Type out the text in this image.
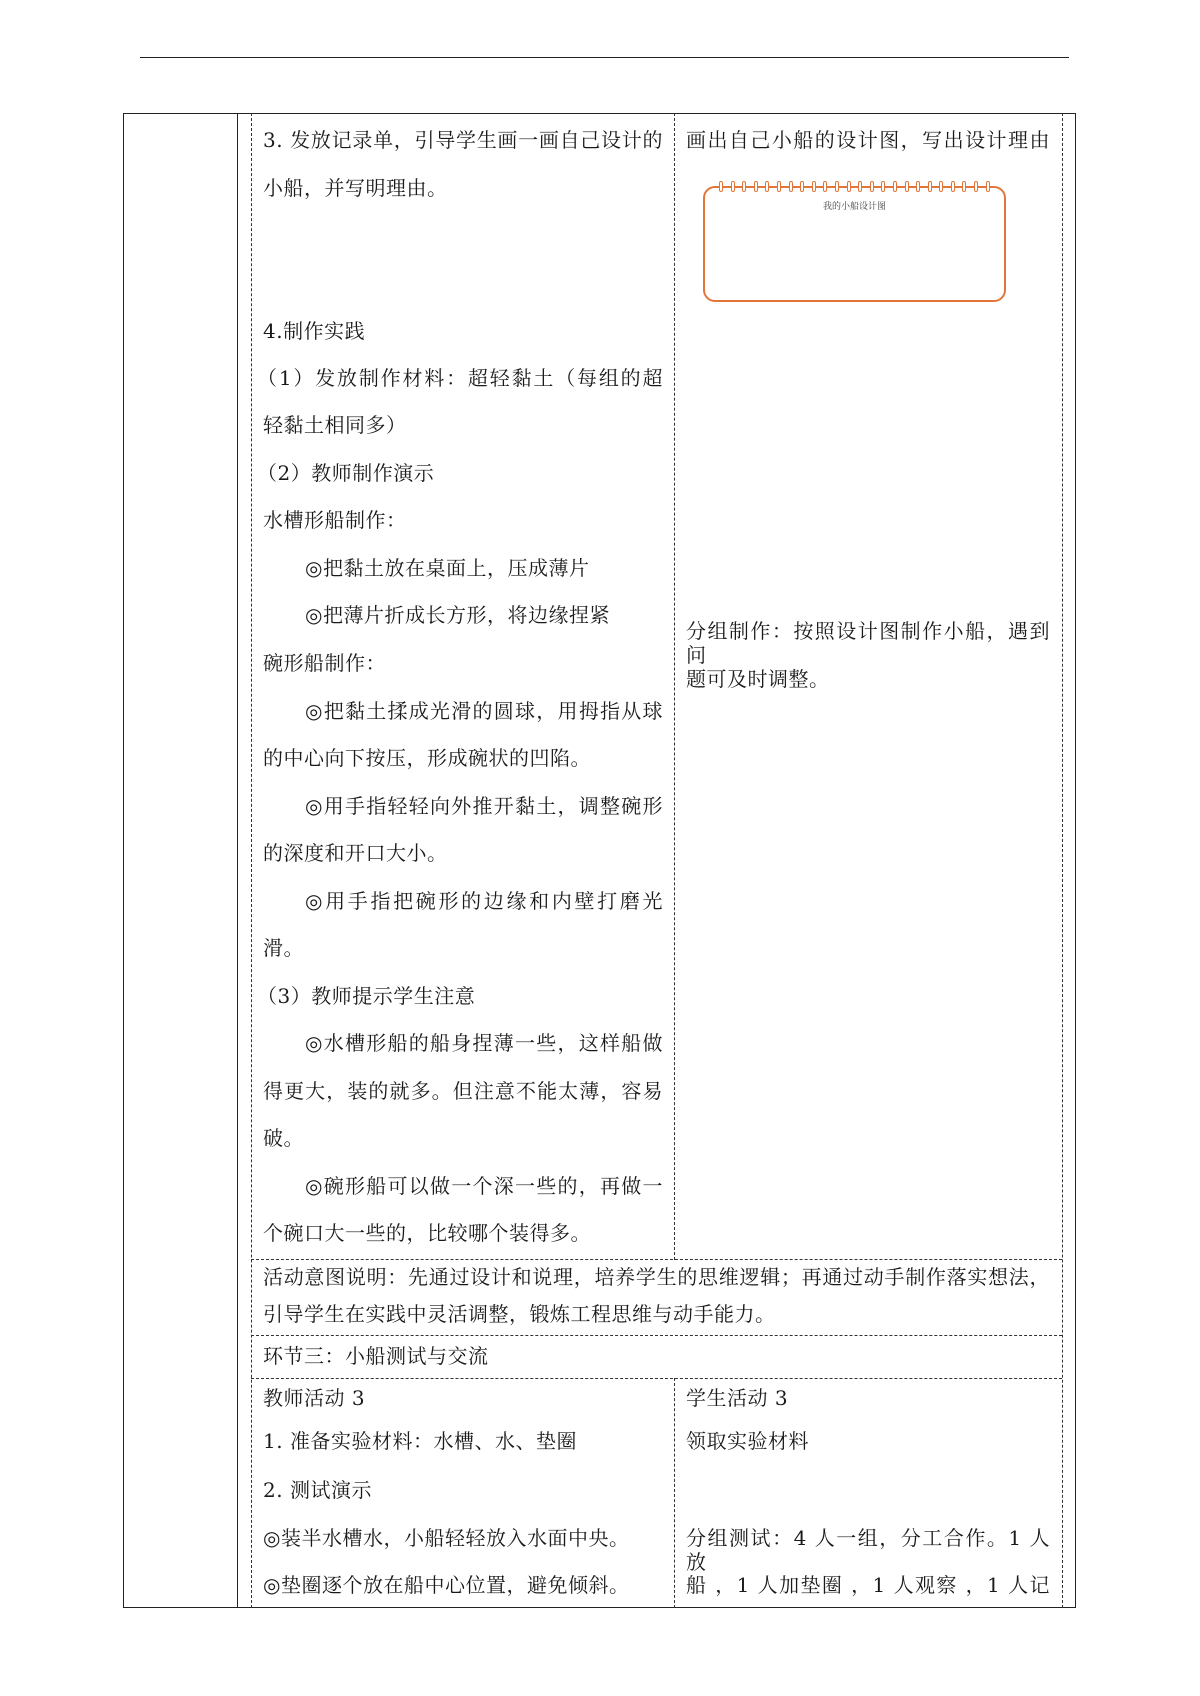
3. 发放记录单，引导学生画一画自己设计的
小船，并写明理由。
4.制作实践
（1）发放制作材料：超轻黏土（每组的超
轻黏土相同多）
（2）教师制作演示
水槽形船制作：
◎把黏土放在桌面上，压成薄片
◎把薄片折成长方形，将边缘捏紧
碗形船制作：
◎把黏土揉成光滑的圆球，用拇指从球
的中心向下按压，形成碗状的凹陷。
◎用手指轻轻向外推开黏土，调整碗形
的深度和开口大小。
◎用手指把碗形的边缘和内壁打磨光
滑。
（3）教师提示学生注意
◎水槽形船的船身捏薄一些，这样船做
得更大，装的就多。但注意不能太薄，容易
破。
◎碗形船可以做一个深一些的，再做一
个碗口大一些的，比较哪个装得多。
画出自己小船的设计图，写出设计理由
我的小船设计图
分组制作：按照设计图制作小船，遇到问
题可及时调整。
活动意图说明：先通过设计和说理，培养学生的思维逻辑；再通过动手制作落实想法，
引导学生在实践中灵活调整，锻炼工程思维与动手能力。
环节三：小船测试与交流
教师活动 3
1. 准备实验材料：水槽、水、垫圈
2. 测试演示
◎装半水槽水，小船轻轻放入水面中央。
◎垫圈逐个放在船中心位置，避免倾斜。
学生活动 3
领取实验材料
分组测试：4 人一组，分工合作。1 人放
船 ，1 人加垫圈 ，1 人观察 ，1 人记
